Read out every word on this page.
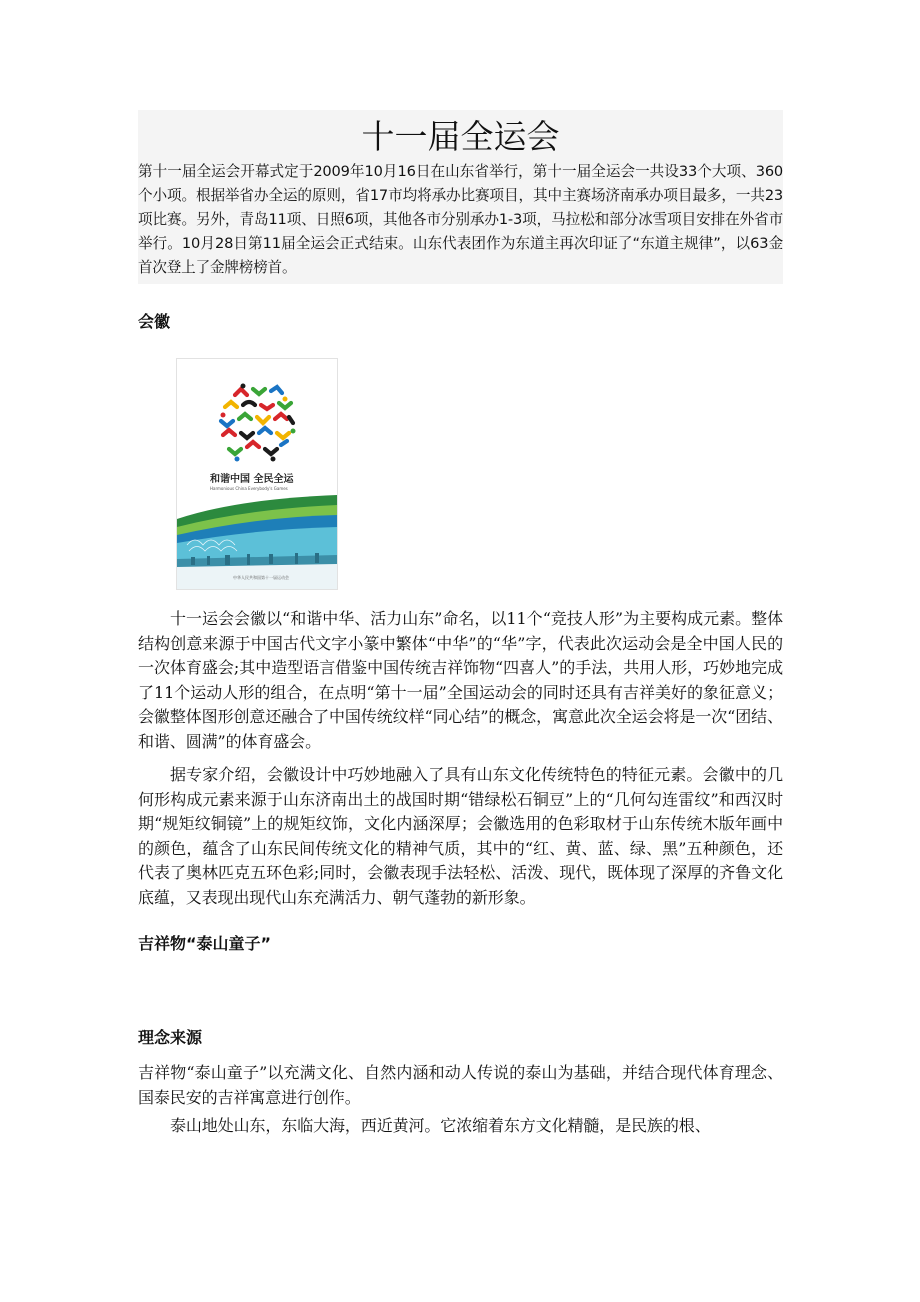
十一届全运会

第十一届全运会开幕式定于2009年10月16日在山东省举行，第十一届全运会一共设33个大项、360个小项。根据举省办全运的原则，省17市均将承办比赛项目，其中主赛场济南承办项目最多，一共23项比赛。另外，青岛11项、日照6项，其他各市分别承办1-3项，马拉松和部分冰雪项目安排在外省市举行。10月28日第11届全运会正式结束。山东代表团作为东道主再次印证了“东道主规律”，以63金首次登上了金牌榜榜首。

会徽
和谐中国 全民全运
Harmonious China Everybody's Games
中华人民共和国第十一届运动会

十一运会会徽以“和谐中华、活力山东”命名，以11个“竞技人形”为主要构成元素。整体结构创意来源于中国古代文字小篆中繁体“中华”的“华”字，代表此次运动会是全中国人民的一次体育盛会;其中造型语言借鉴中国传统吉祥饰物“四喜人”的手法，共用人形，巧妙地完成了11个运动人形的组合，在点明“第十一届”全国运动会的同时还具有吉祥美好的象征意义；会徽整体图形创意还融合了中国传统纹样“同心结”的概念，寓意此次全运会将是一次“团结、和谐、圆满”的体育盛会。

据专家介绍，会徽设计中巧妙地融入了具有山东文化传统特色的特征元素。会徽中的几何形构成元素来源于山东济南出土的战国时期“错绿松石铜豆”上的“几何勾连雷纹”和西汉时期“规矩纹铜镜”上的规矩纹饰，文化内涵深厚；会徽选用的色彩取材于山东传统木版年画中的颜色，蕴含了山东民间传统文化的精神气质，其中的“红、黄、蓝、绿、黑”五种颜色，还代表了奥林匹克五环色彩;同时，会徽表现手法轻松、活泼、现代，既体现了深厚的齐鲁文化底蕴，又表现出现代山东充满活力、朝气蓬勃的新形象。

吉祥物“泰山童子”
理念来源

吉祥物“泰山童子”以充满文化、自然内涵和动人传说的泰山为基础，并结合现代体育理念、国泰民安的吉祥寓意进行创作。

泰山地处山东，东临大海，西近黄河。它浓缩着东方文化精髓，是民族的根、
